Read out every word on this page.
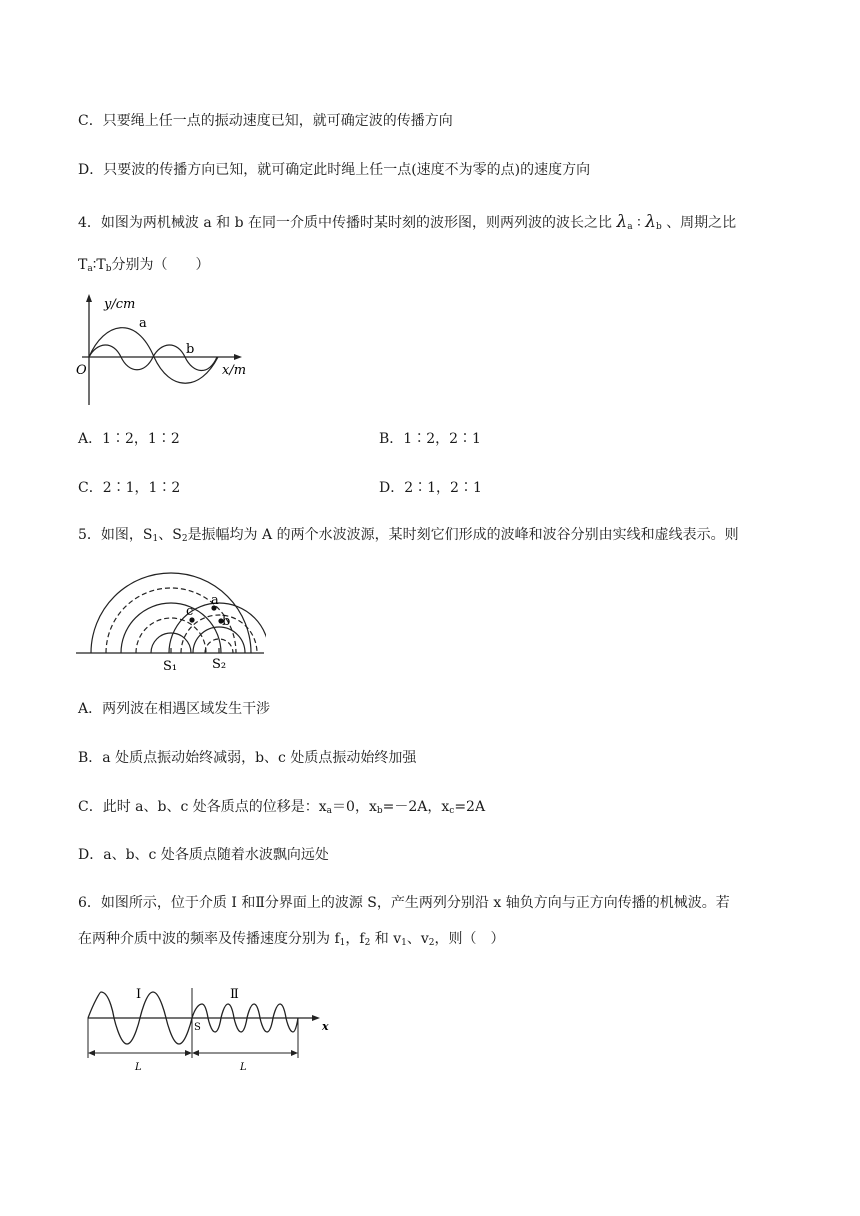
C．只要绳上任一点的振动速度已知，就可确定波的传播方向
D．只要波的传播方向已知，就可确定此时绳上任一点(速度不为零的点)的速度方向
4．如图为两机械波 a 和 b 在同一介质中传播时某时刻的波形图，则两列波的波长之比 $\lambda_a$ ∶ $\lambda_b$ 、周期之比
$T_a∶T_b$分别为（　　）
y/cm
x/m
O
a
b
A．1∶2，1∶2	B．1∶2，2∶1
C．2∶1，1∶2	D．2∶1，2∶1
5．如图，$S_1$、$S_2$是振幅均为 A 的两个水波波源，某时刻它们形成的波峰和波谷分别由实线和虚线表示。则
c
a
b
S₁	S₂
A．两列波在相遇区域发生干涉
B．a 处质点振动始终减弱，b、c 处质点振动始终加强
C．此时 a、b、c 处各质点的位移是：$x_a=0$，$x_b=-2A$，$x_c=2A$
D．a、b、c 处各质点随着水波飘向远处
6．如图所示，位于介质 I 和Ⅱ分界面上的波源 S，产生两列分别沿 x 轴负方向与正方向传播的机械波。若
在两种介质中波的频率及传播速度分别为 $f_1$，$f_2$ 和 $v_1$、$v_2$，则（　）
I	Ⅱ
S	x
L	L
